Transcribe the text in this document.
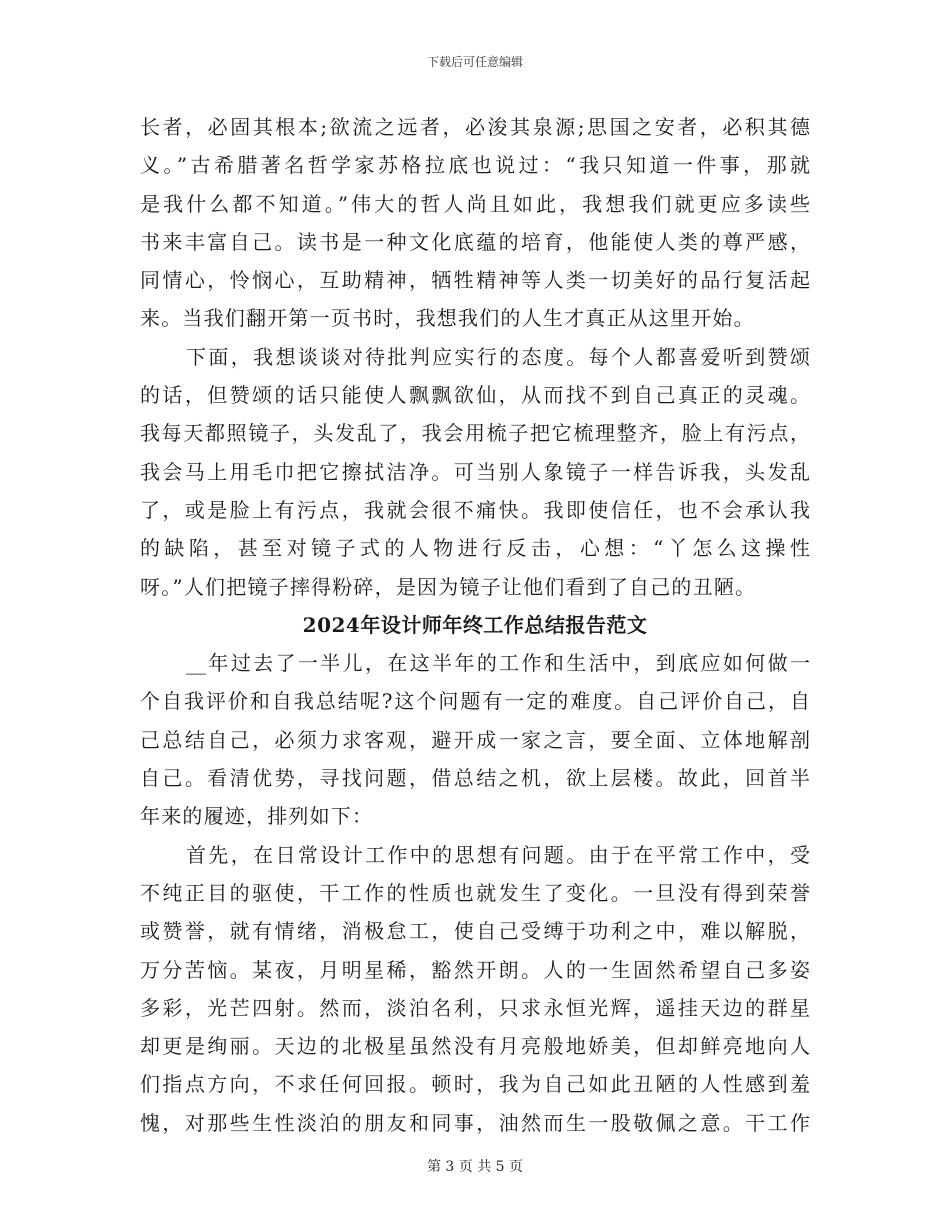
下载后可任意编辑
长者，必固其根本;欲流之远者，必浚其泉源;思国之安者，必积其德
义。”古希腊著名哲学家苏格拉底也说过：“我只知道一件事，那就
是我什么都不知道。”伟大的哲人尚且如此，我想我们就更应多读些
书来丰富自己。读书是一种文化底蕴的培育，他能使人类的尊严感，
同情心，怜悯心，互助精神，牺牲精神等人类一切美好的品行复活起
来。当我们翻开第一页书时，我想我们的人生才真正从这里开始。
下面，我想谈谈对待批判应实行的态度。每个人都喜爱听到赞颂
的话，但赞颂的话只能使人飘飘欲仙，从而找不到自己真正的灵魂。
我每天都照镜子，头发乱了，我会用梳子把它梳理整齐，脸上有污点，
我会马上用毛巾把它擦拭洁净。可当别人象镜子一样告诉我，头发乱
了，或是脸上有污点，我就会很不痛快。我即使信任，也不会承认我
的缺陷，甚至对镜子式的人物进行反击，心想：“丫怎么这操性
呀。”人们把镜子摔得粉碎，是因为镜子让他们看到了自己的丑陋。
2024年设计师年终工作总结报告范文
__年过去了一半儿，在这半年的工作和生活中，到底应如何做一
个自我评价和自我总结呢?这个问题有一定的难度。自己评价自己，自
己总结自己，必须力求客观，避开成一家之言，要全面、立体地解剖
自己。看清优势，寻找问题，借总结之机，欲上层楼。故此，回首半
年来的履迹，排列如下：
首先，在日常设计工作中的思想有问题。由于在平常工作中，受
不纯正目的驱使，干工作的性质也就发生了变化。一旦没有得到荣誉
或赞誉，就有情绪，消极怠工，使自己受缚于功利之中，难以解脱，
万分苦恼。某夜，月明星稀，豁然开朗。人的一生固然希望自己多姿
多彩，光芒四射。然而，淡泊名利，只求永恒光辉，遥挂天边的群星
却更是绚丽。天边的北极星虽然没有月亮般地娇美，但却鲜亮地向人
们指点方向，不求任何回报。顿时，我为自己如此丑陋的人性感到羞
愧，对那些生性淡泊的朋友和同事，油然而生一股敬佩之意。干工作
第 3 页 共 5 页
